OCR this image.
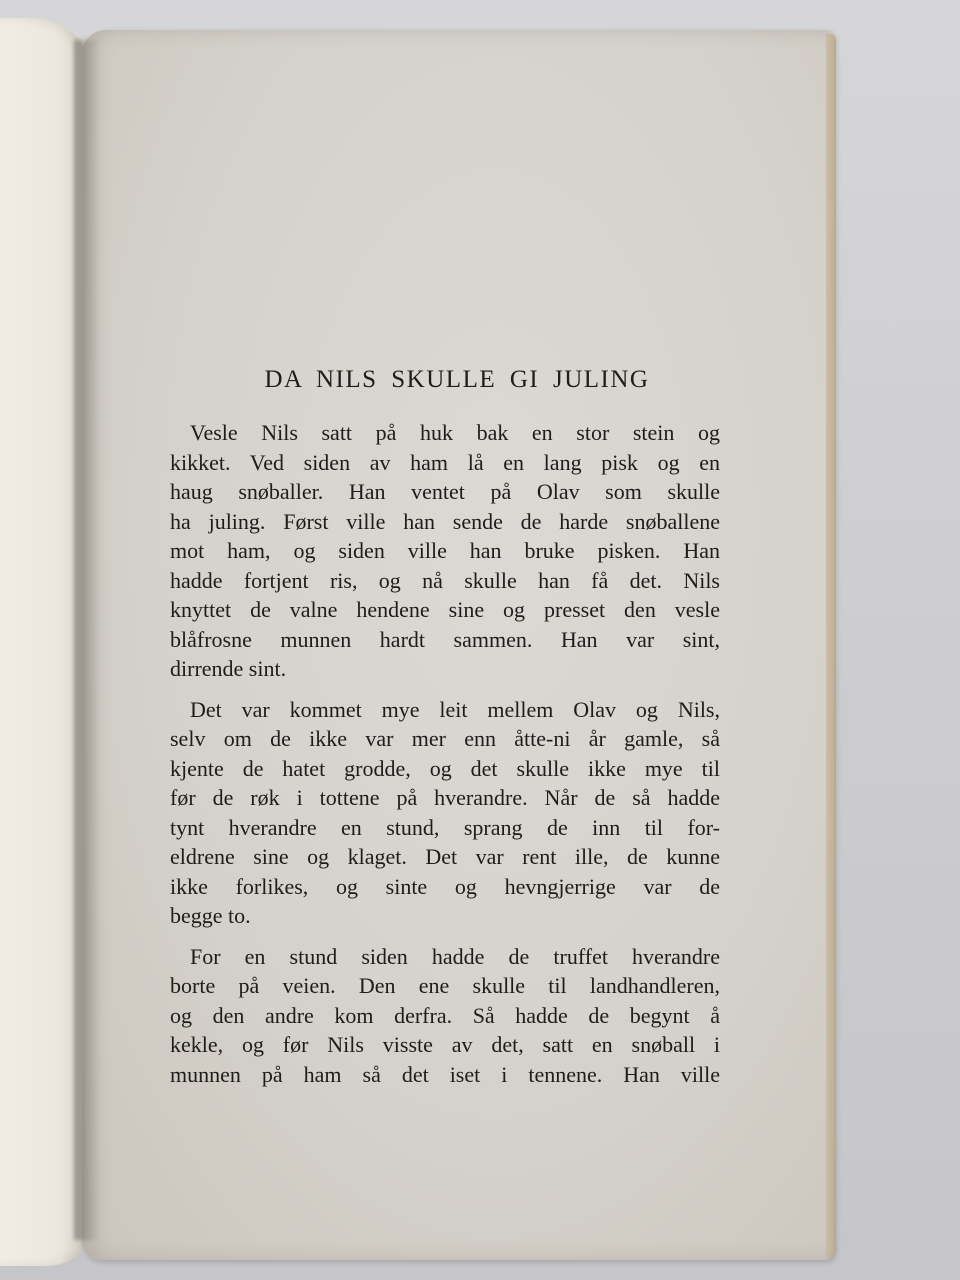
DA NILS SKULLE GI JULING
Vesle Nils satt på huk bak en stor stein og
kikket. Ved siden av ham lå en lang pisk og en
haug snøballer. Han ventet på Olav som skulle
ha juling. Først ville han sende de harde snøballene
mot ham, og siden ville han bruke pisken. Han
hadde fortjent ris, og nå skulle han få det. Nils
knyttet de valne hendene sine og presset den vesle
blåfrosne munnen hardt sammen. Han var sint,
dirrende sint.
Det var kommet mye leit mellem Olav og Nils,
selv om de ikke var mer enn åtte-ni år gamle, så
kjente de hatet grodde, og det skulle ikke mye til
før de røk i tottene på hverandre. Når de så hadde
tynt hverandre en stund, sprang de inn til for-
eldrene sine og klaget. Det var rent ille, de kunne
ikke forlikes, og sinte og hevngjerrige var de
begge to.
For en stund siden hadde de truffet hverandre
borte på veien. Den ene skulle til landhandleren,
og den andre kom derfra. Så hadde de begynt å
kekle, og før Nils visste av det, satt en snøball i
munnen på ham så det iset i tennene. Han ville
